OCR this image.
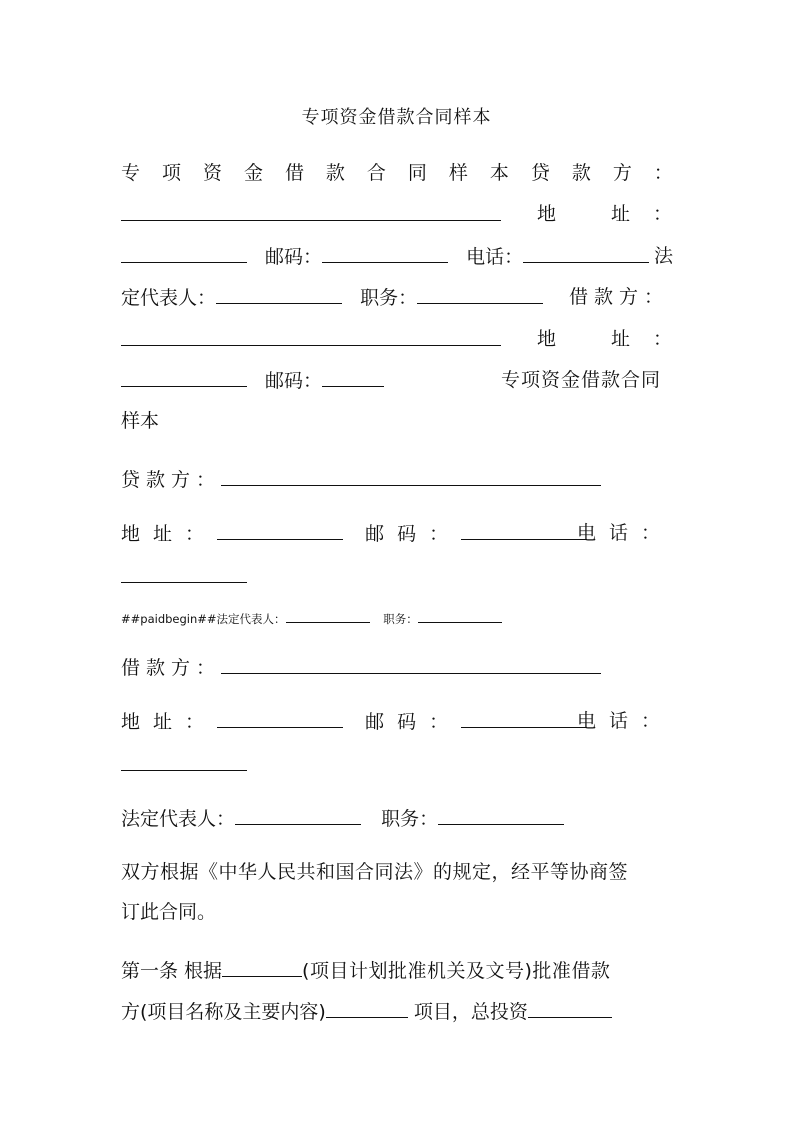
专项资金借款合同样本
专 项 资 金 借 款 合 同 样 本 贷 款 方 ：
地	址 ：
邮码：	电话：	法
定代表人：	职务：	借款方：
地	址 ：
邮码：	专项资金借款合同
样本
贷款方：
地址：	邮码：	电话：
##paidbegin##法定代表人：	职务：
借款方：
地址：	邮码：	电话：
法定代表人：	职务：
双方根据《中华人民共和国合同法》的规定，经平等协商签
订此合同。
第一条 根据	(项目计划批准机关及文号)批准借款
方(项目名称及主要内容)	项目，总投资
